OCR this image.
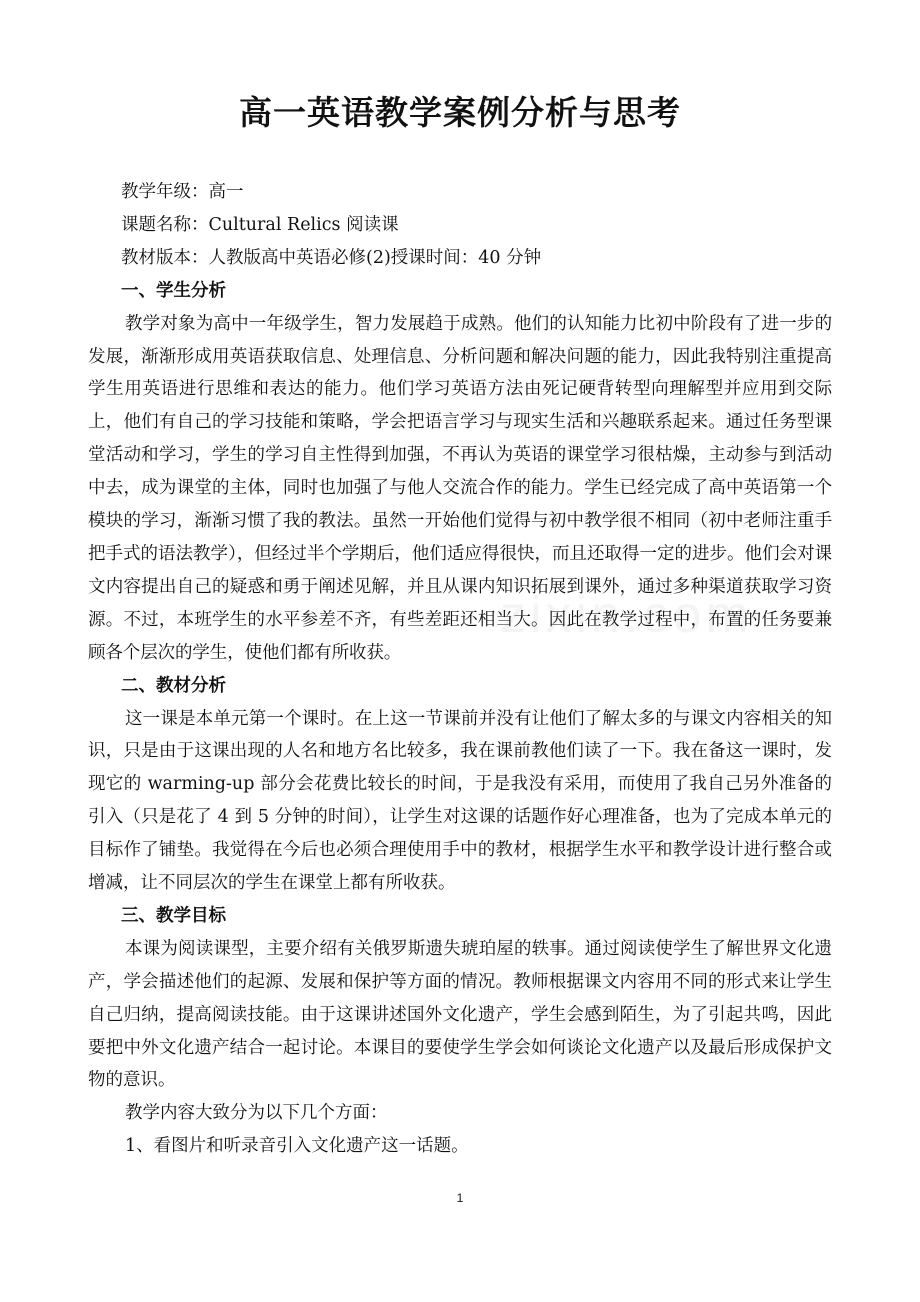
高一英语教学案例分析与思考

教学年级：高一

课题名称：Cultural Relics 阅读课

教材版本：人教版高中英语必修(2)授课时间：40 分钟

一、学生分析

教学对象为高中一年级学生，智力发展趋于成熟。他们的认知能力比初中阶段有了进一步的发展，渐渐形成用英语获取信息、处理信息、分析问题和解决问题的能力，因此我特别注重提高学生用英语进行思维和表达的能力。他们学习英语方法由死记硬背转型向理解型并应用到交际上，他们有自己的学习技能和策略，学会把语言学习与现实生活和兴趣联系起来。通过任务型课堂活动和学习，学生的学习自主性得到加强，不再认为英语的课堂学习很枯燥，主动参与到活动中去，成为课堂的主体，同时也加强了与他人交流合作的能力。学生已经完成了高中英语第一个模块的学习，渐渐习惯了我的教法。虽然一开始他们觉得与初中教学很不相同（初中老师注重手把手式的语法教学），但经过半个学期后，他们适应得很快，而且还取得一定的进步。他们会对课文内容提出自己的疑惑和勇于阐述见解，并且从课内知识拓展到课外，通过多种渠道获取学习资源。不过，本班学生的水平参差不齐，有些差距还相当大。因此在教学过程中，布置的任务要兼顾各个层次的学生，使他们都有所收获。

二、教材分析

这一课是本单元第一个课时。在上这一节课前并没有让他们了解太多的与课文内容相关的知识，只是由于这课出现的人名和地方名比较多，我在课前教他们读了一下。我在备这一课时，发现它的 warming-up 部分会花费比较长的时间，于是我没有采用，而使用了我自己另外准备的引入（只是花了 4 到 5 分钟的时间），让学生对这课的话题作好心理准备，也为了完成本单元的目标作了铺垫。我觉得在今后也必须合理使用手中的教材，根据学生水平和教学设计进行整合或增减，让不同层次的学生在课堂上都有所收获。

三、教学目标

本课为阅读课型，主要介绍有关俄罗斯遗失琥珀屋的轶事。通过阅读使学生了解世界文化遗产，学会描述他们的起源、发展和保护等方面的情况。教师根据课文内容用不同的形式来让学生自己归纳，提高阅读技能。由于这课讲述国外文化遗产，学生会感到陌生，为了引起共鸣，因此要把中外文化遗产结合一起讨论。本课目的要使学生学会如何谈论文化遗产以及最后形成保护文物的意识。

教学内容大致分为以下几个方面：

1、看图片和听录音引入文化遗产这一话题。

1
